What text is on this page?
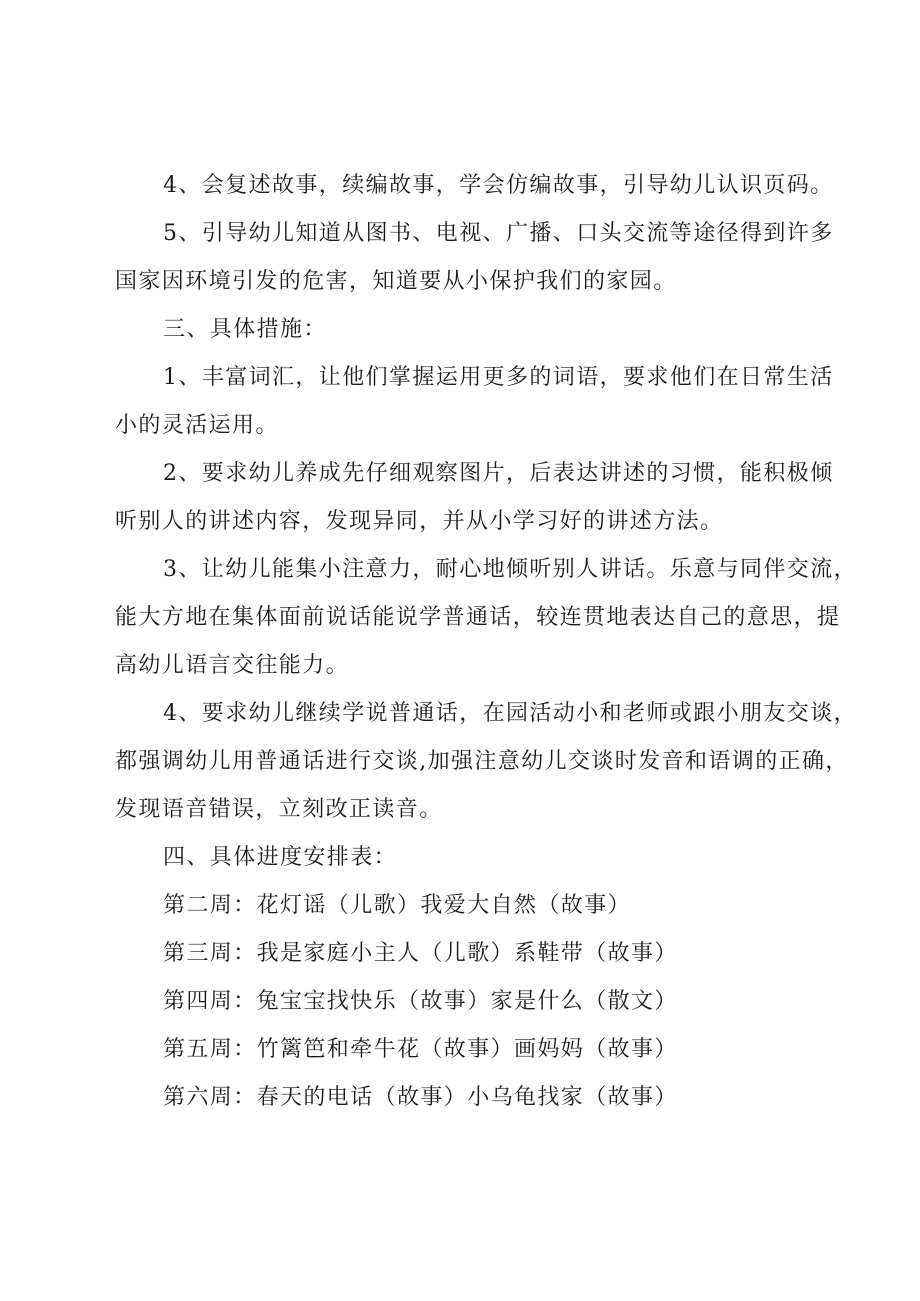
4、会复述故事，续编故事，学会仿编故事，引导幼儿认识页码。
5、引导幼儿知道从图书、电视、广播、口头交流等途径得到许多
国家因环境引发的危害，知道要从小保护我们的家园。
三、具体措施：
1、丰富词汇，让他们掌握运用更多的词语，要求他们在日常生活
小的灵活运用。
2、要求幼儿养成先仔细观察图片，后表达讲述的习惯，能积极倾
听别人的讲述内容，发现异同，并从小学习好的讲述方法。
3、让幼儿能集小注意力，耐心地倾听别人讲话。乐意与同伴交流，
能大方地在集体面前说话能说学普通话，较连贯地表达自己的意思，提
高幼儿语言交往能力。
4、要求幼儿继续学说普通话，在园活动小和老师或跟小朋友交谈，
都强调幼儿用普通话进行交谈,加强注意幼儿交谈时发音和语调的正确，
发现语音错误，立刻改正读音。
四、具体进度安排表：
第二周：花灯谣（儿歌）我爱大自然（故事）
第三周：我是家庭小主人（儿歌）系鞋带（故事）
第四周：兔宝宝找快乐（故事）家是什么（散文）
第五周：竹篱笆和牵牛花（故事）画妈妈（故事）
第六周：春天的电话（故事）小乌龟找家（故事）
